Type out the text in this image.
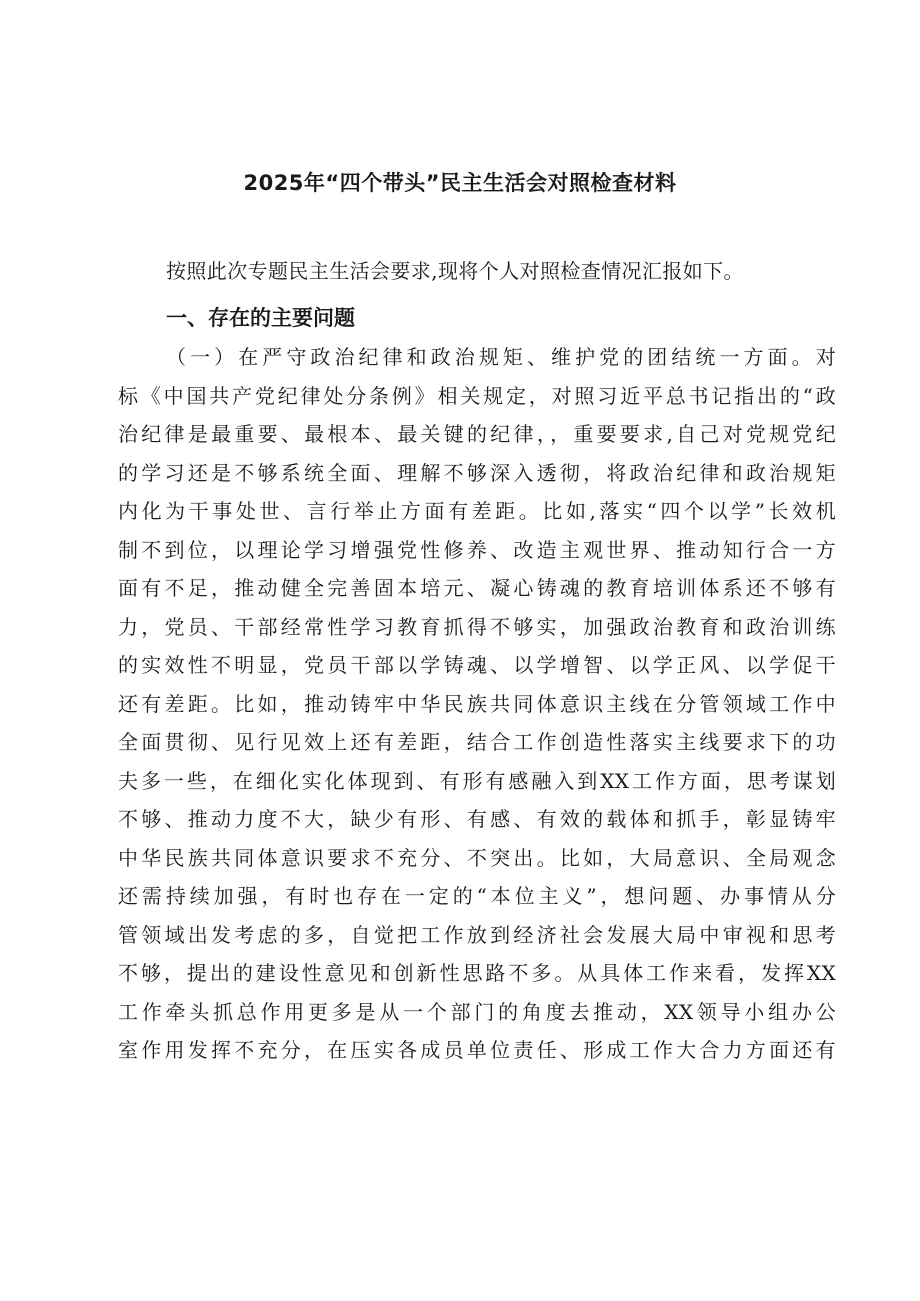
2025年“四个带头”民主生活会对照检查材料

按照此次专题民主生活会要求,现将个人对照检查情况汇报如下。

一、存在的主要问题
（一）在严守政治纪律和政治规矩、维护党的团结统一方面。对
标《中国共产党纪律处分条例》相关规定，对照习近平总书记指出的“政
治纪律是最重要、最根本、最关键的纪律，，重要要求,自己对党规党纪
的学习还是不够系统全面、理解不够深入透彻，将政治纪律和政治规矩
内化为干事处世、言行举止方面有差距。比如,落实“四个以学”长效机
制不到位，以理论学习增强党性修养、改造主观世界、推动知行合一方
面有不足，推动健全完善固本培元、凝心铸魂的教育培训体系还不够有
力，党员、干部经常性学习教育抓得不够实，加强政治教育和政治训练
的实效性不明显，党员干部以学铸魂、以学增智、以学正风、以学促干
还有差距。比如，推动铸牢中华民族共同体意识主线在分管领域工作中
全面贯彻、见行见效上还有差距，结合工作创造性落实主线要求下的功
夫多一些，在细化实化体现到、有形有感融入到XX工作方面，思考谋划
不够、推动力度不大，缺少有形、有感、有效的载体和抓手，彰显铸牢
中华民族共同体意识要求不充分、不突出。比如，大局意识、全局观念
还需持续加强，有时也存在一定的“本位主义”，想问题、办事情从分
管领域出发考虑的多，自觉把工作放到经济社会发展大局中审视和思考
不够，提出的建设性意见和创新性思路不多。从具体工作来看，发挥XX
工作牵头抓总作用更多是从一个部门的角度去推动，XX领导小组办公
室作用发挥不充分，在压实各成员单位责任、形成工作大合力方面还有
